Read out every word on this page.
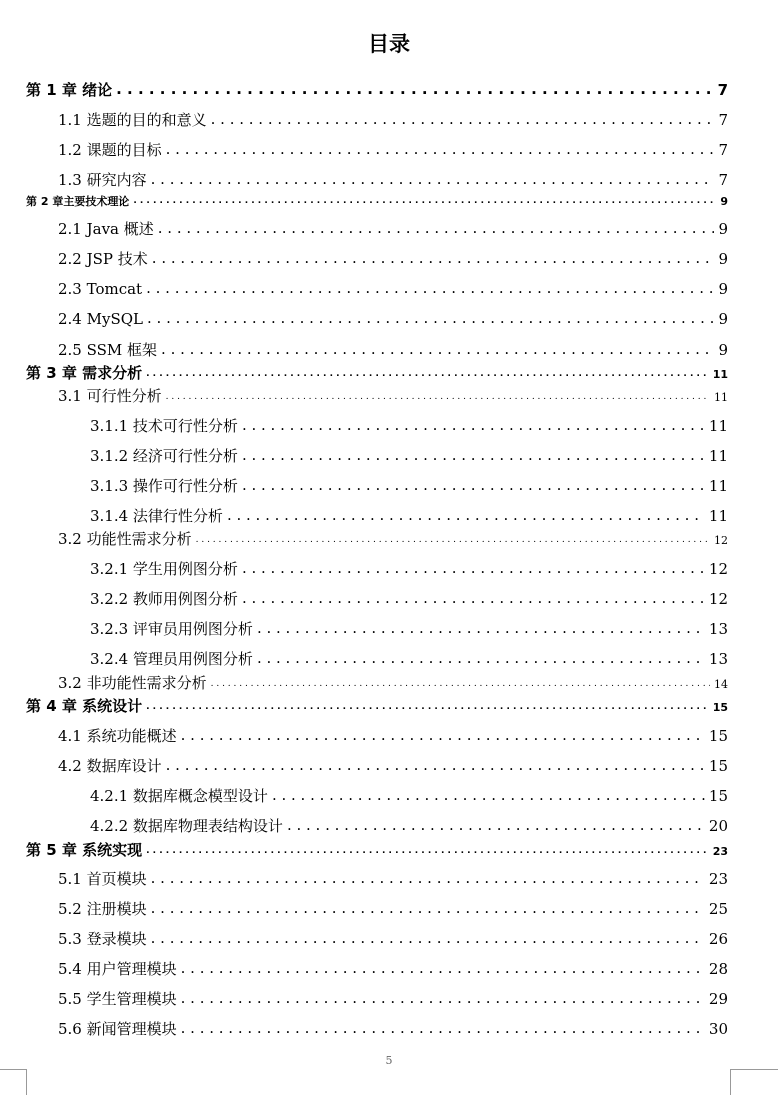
目录
第 1 章 绪论 . . .	7
1.1 选题的目的和意义 . . .	7
1.2 课题的目标 . . .	7
1.3 研究内容 . . .	7
第 2 章主要技术理论 . . .	9
2.1 Java 概述 . . .	9
2.2 JSP 技术 . . .	9
2.3 Tomcat . . .	9
2.4 MySQL . . .	9
2.5 SSM 框架 . . .	9
第 3 章 需求分析 . . .	11
3.1 可行性分析 . . .	11
3.1.1 技术可行性分析 . . .	11
3.1.2 经济可行性分析 . . .	11
3.1.3 操作可行性分析 . . .	11
3.1.4 法律行性分析 . . .	11
3.2 功能性需求分析 . . .	12
3.2.1 学生用例图分析 . . .	12
3.2.2 教师用例图分析 . . .	12
3.2.3 评审员用例图分析 . . .	13
3.2.4 管理员用例图分析 . . .	13
3.2 非功能性需求分析 . . .	14
第 4 章 系统设计 . . .	15
4.1 系统功能概述 . . .	15
4.2 数据库设计 . . .	15
4.2.1 数据库概念模型设计 . . .	15
4.2.2 数据库物理表结构设计 . . .	20
第 5 章 系统实现 . . .	23
5.1 首页模块 . . .	23
5.2 注册模块 . . .	25
5.3 登录模块 . . .	26
5.4 用户管理模块 . . .	28
5.5 学生管理模块 . . .	29
5.6 新闻管理模块 . . .	30
5
